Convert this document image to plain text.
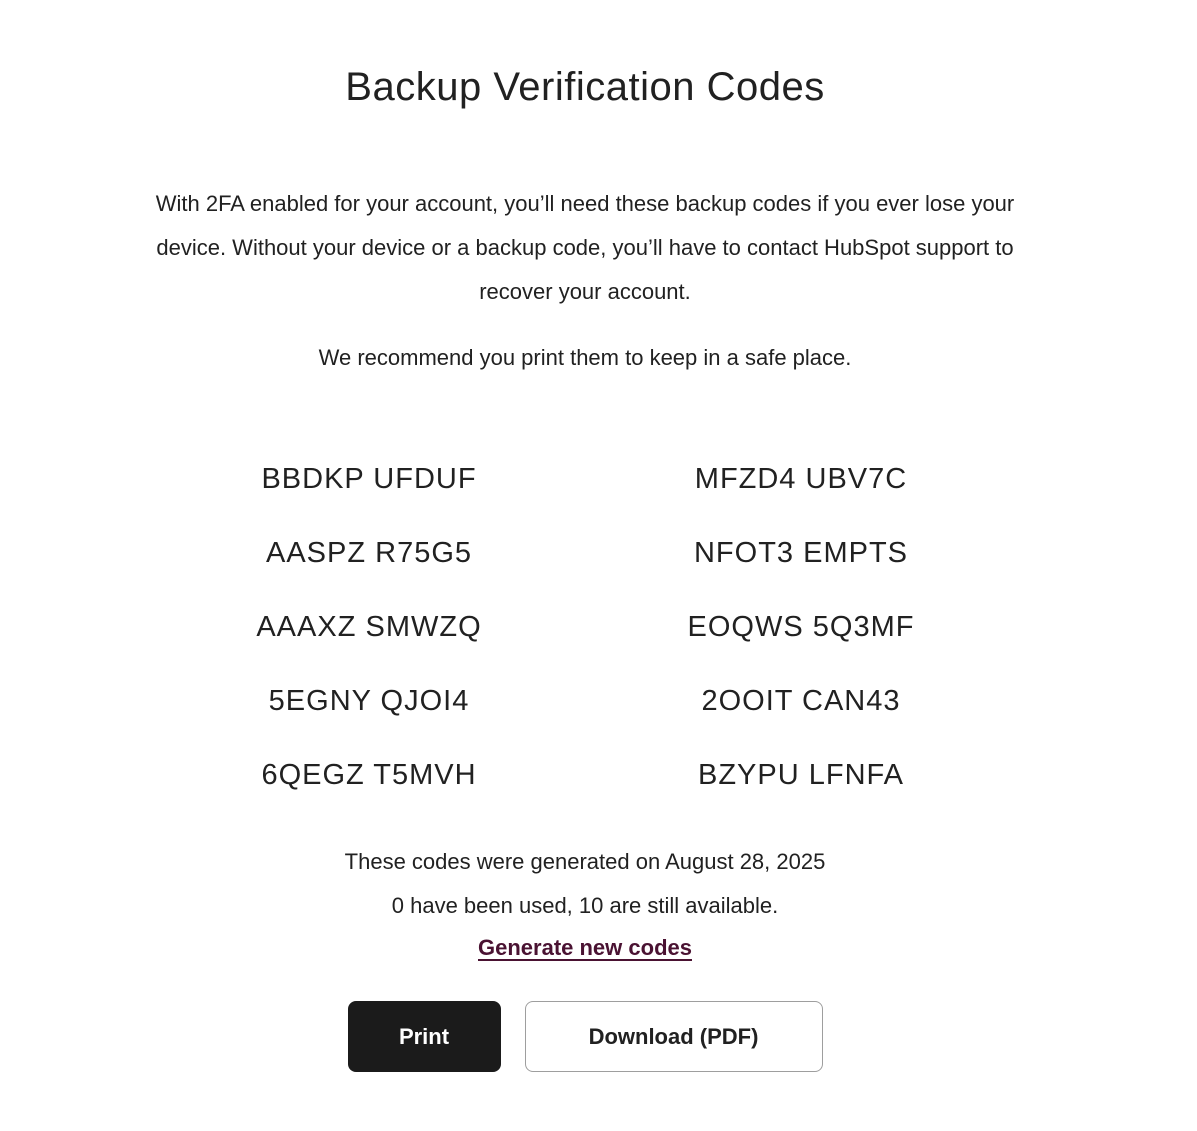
Backup Verification Codes

With 2FA enabled for your account, you’ll need these backup codes if you ever lose your device. Without your device or a backup code, you’ll have to contact HubSpot support to recover your account.

We recommend you print them to keep in a safe place.

BBDKP UFDUF	MFZD4 UBV7C
AASPZ R75G5	NFOT3 EMPTS
AAAXZ SMWZQ	EOQWS 5Q3MF
5EGNY QJOI4	2OOIT CAN43
6QEGZ T5MVH	BZYPU LFNFA
These codes were generated on August 28, 2025
0 have been used, 10 are still available.
Generate new codes
Print	Download (PDF)
